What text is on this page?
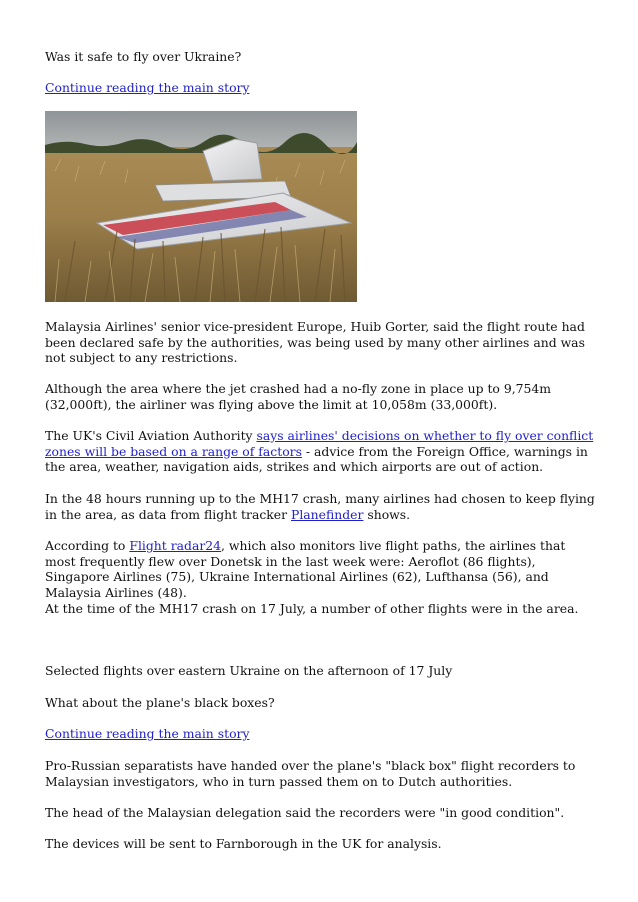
Was it safe to fly over Ukraine?

Continue reading the main story

Malaysia Airlines' senior vice-president Europe, Huib Gorter, said the flight route had been declared safe by the authorities, was being used by many other airlines and was not subject to any restrictions.

Although the area where the jet crashed had a no-fly zone in place up to 9,754m (32,000ft), the airliner was flying above the limit at 10,058m (33,000ft).

The UK's Civil Aviation Authority says airlines' decisions on whether to fly over conflict zones will be based on a range of factors - advice from the Foreign Office, warnings in the area, weather, navigation aids, strikes and which airports are out of action.

In the 48 hours running up to the MH17 crash, many airlines had chosen to keep flying in the area, as data from flight tracker Planefinder shows.

According to Flight radar24, which also monitors live flight paths, the airlines that most frequently flew over Donetsk in the last week were: Aeroflot (86 flights), Singapore Airlines (75), Ukraine International Airlines (62), Lufthansa (56), and Malaysia Airlines (48).

At the time of the MH17 crash on 17 July, a number of other flights were in the area.

Selected flights over eastern Ukraine on the afternoon of 17 July

What about the plane's black boxes?

Continue reading the main story

Pro-Russian separatists have handed over the plane's "black box" flight recorders to Malaysian investigators, who in turn passed them on to Dutch authorities.

The head of the Malaysian delegation said the recorders were "in good condition".

The devices will be sent to Farnborough in the UK for analysis.
